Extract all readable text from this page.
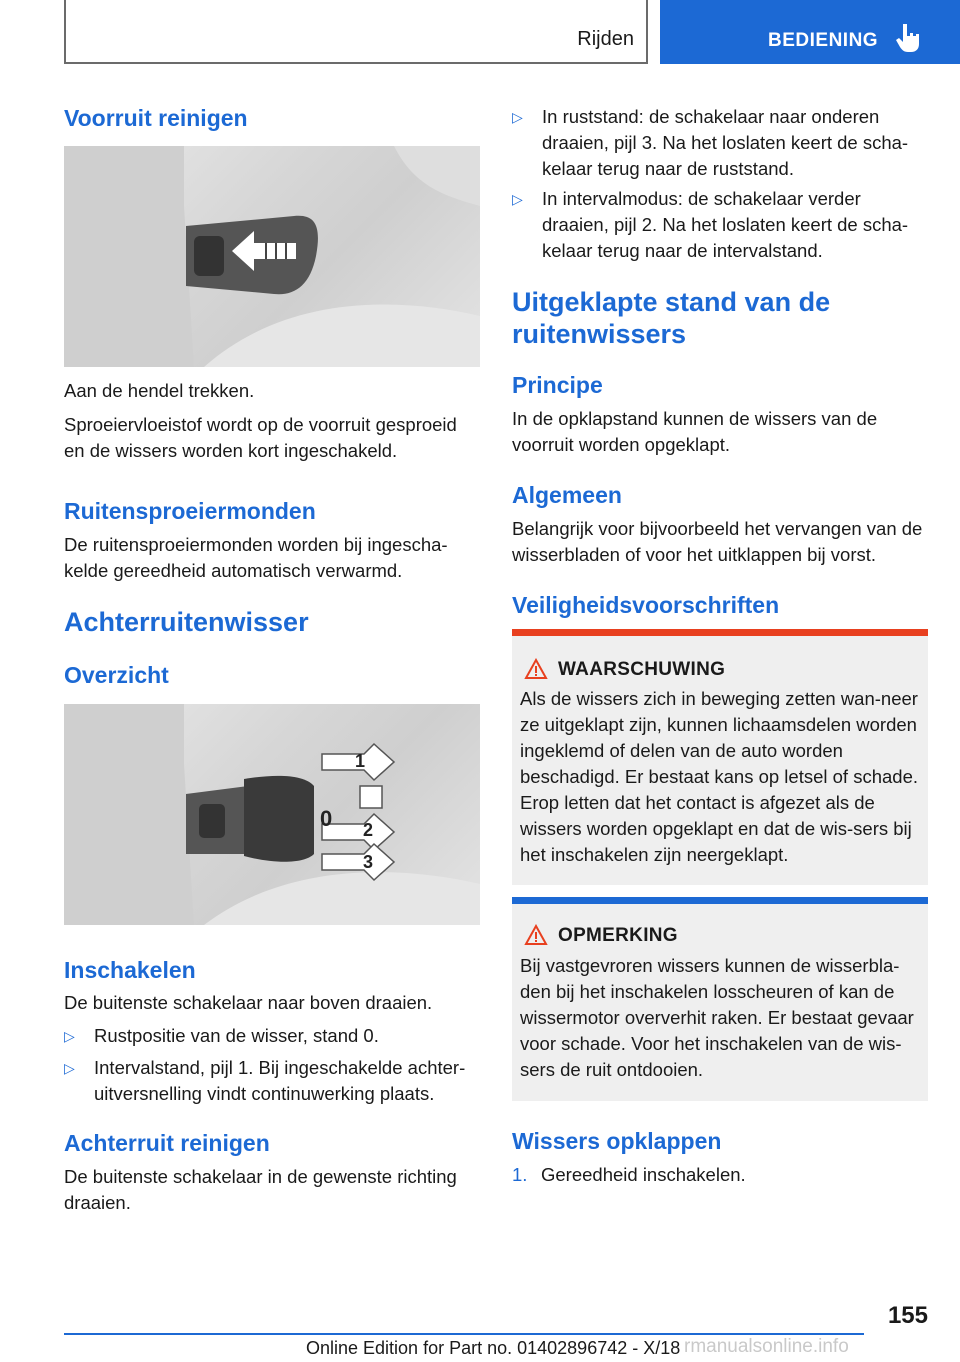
Rijden	BEDIENING
Voorruit reinigen
Aan de hendel trekken.
Sproeiervloeistof wordt op de voorruit gesproeid en de wissers worden kort ingeschakeld.
Ruitensproeiermonden
De ruitensproeiermonden worden bij ingescha‐kelde gereedheid automatisch verwarmd.
Achterruitenwisser
Overzicht
1
0 2
3
Inschakelen
De buitenste schakelaar naar boven draaien.
▷ Rustpositie van de wisser, stand 0.
▷ Intervalstand, pijl 1. Bij ingeschakelde achter‐uitversnelling vindt continuwerking plaats.
Achterruit reinigen
De buitenste schakelaar in de gewenste richting draaien.
▷ In ruststand: de schakelaar naar onderen draaien, pijl 3. Na het loslaten keert de scha‐kelaar terug naar de ruststand.
▷ In intervalmodus: de schakelaar verder draaien, pijl 2. Na het loslaten keert de scha‐kelaar terug naar de intervalstand.
Uitgeklapte stand van de ruitenwissers
Principe
In de opklapstand kunnen de wissers van de voorruit worden opgeklapt.
Algemeen
Belangrijk voor bijvoorbeeld het vervangen van de wisserbladen of voor het uitklappen bij vorst.
Veiligheidsvoorschriften
WAARSCHUWING
Als de wissers zich in beweging zetten wan‐neer ze uitgeklapt zijn, kunnen lichaamsdelen worden ingeklemd of delen van de auto worden beschadigd. Er bestaat kans op letsel of schade. Erop letten dat het contact is afgezet als de wissers worden opgeklapt en dat de wis‐sers bij het inschakelen zijn neergeklapt.
OPMERKING
Bij vastgevroren wissers kunnen de wisserbla‐den bij het inschakelen losscheuren of kan de wissermotor oververhit raken. Er bestaat gevaar voor schade. Voor het inschakelen van de wis‐sers de ruit ontdooien.
Wissers opklappen
1. Gereedheid inschakelen.
155
Online Edition for Part no. 01402896742 - X/18 rmanualsonline.info
